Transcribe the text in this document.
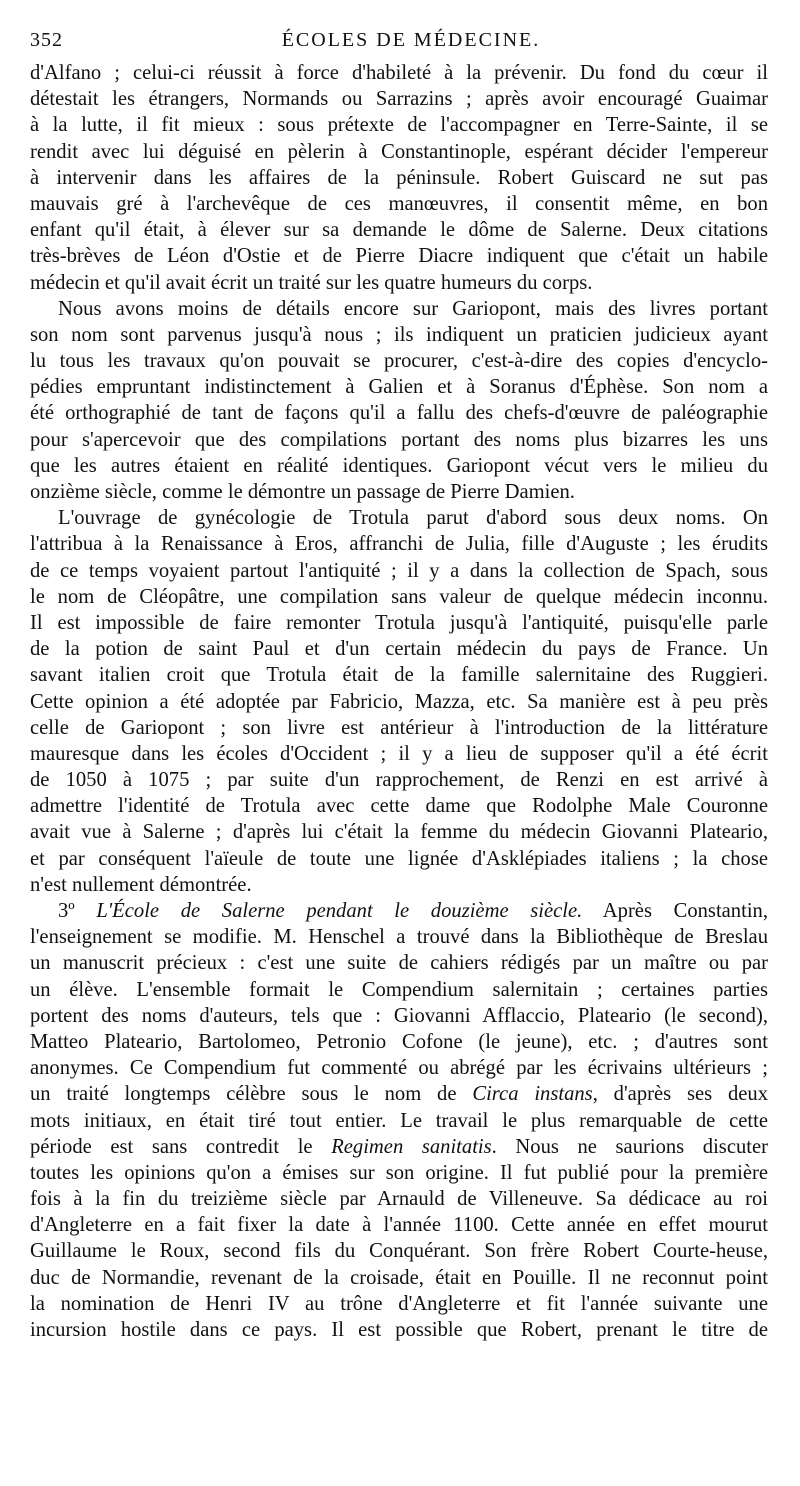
352	ÉCOLES DE MÉDECINE.
d'Alfano ; celui-ci réussit à force d'habileté à la prévenir. Du fond du cœur il
détestait les étrangers, Normands ou Sarrazins ; après avoir encouragé Guaimar
à la lutte, il fit mieux : sous prétexte de l'accompagner en Terre-Sainte, il se
rendit avec lui déguisé en pèlerin à Constantinople, espérant décider l'empereur
à intervenir dans les affaires de la péninsule. Robert Guiscard ne sut pas
mauvais gré à l'archevêque de ces manœuvres, il consentit même, en bon
enfant qu'il était, à élever sur sa demande le dôme de Salerne. Deux citations
très-brèves de Léon d'Ostie et de Pierre Diacre indiquent que c'était un habile
médecin et qu'il avait écrit un traité sur les quatre humeurs du corps.
Nous avons moins de détails encore sur Gariopont, mais des livres portant
son nom sont parvenus jusqu'à nous ; ils indiquent un praticien judicieux ayant
lu tous les travaux qu'on pouvait se procurer, c'est-à-dire des copies d'encyclo-
pédies empruntant indistinctement à Galien et à Soranus d'Éphèse. Son nom a
été orthographié de tant de façons qu'il a fallu des chefs-d'œuvre de paléographie
pour s'apercevoir que des compilations portant des noms plus bizarres les uns
que les autres étaient en réalité identiques. Gariopont vécut vers le milieu du
onzième siècle, comme le démontre un passage de Pierre Damien.
L'ouvrage de gynécologie de Trotula parut d'abord sous deux noms. On
l'attribua à la Renaissance à Eros, affranchi de Julia, fille d'Auguste ; les érudits
de ce temps voyaient partout l'antiquité ; il y a dans la collection de Spach, sous
le nom de Cléopâtre, une compilation sans valeur de quelque médecin inconnu.
Il est impossible de faire remonter Trotula jusqu'à l'antiquité, puisqu'elle parle
de la potion de saint Paul et d'un certain médecin du pays de France. Un
savant italien croit que Trotula était de la famille salernitaine des Ruggieri.
Cette opinion a été adoptée par Fabricio, Mazza, etc. Sa manière est à peu près
celle de Gariopont ; son livre est antérieur à l'introduction de la littérature
mauresque dans les écoles d'Occident ; il y a lieu de supposer qu'il a été écrit
de 1050 à 1075 ; par suite d'un rapprochement, de Renzi en est arrivé à
admettre l'identité de Trotula avec cette dame que Rodolphe Male Couronne
avait vue à Salerne ; d'après lui c'était la femme du médecin Giovanni Plateario,
et par conséquent l'aïeule de toute une lignée d'Asklépiades italiens ; la chose
n'est nullement démontrée.
3º L'École de Salerne pendant le douzième siècle. Après Constantin,
l'enseignement se modifie. M. Henschel a trouvé dans la Bibliothèque de Breslau
un manuscrit précieux : c'est une suite de cahiers rédigés par un maître ou par
un élève. L'ensemble formait le Compendium salernitain ; certaines parties
portent des noms d'auteurs, tels que : Giovanni Afflaccio, Plateario (le second),
Matteo Plateario, Bartolomeo, Petronio Cofone (le jeune), etc. ; d'autres sont
anonymes. Ce Compendium fut commenté ou abrégé par les écrivains ultérieurs ;
un traité longtemps célèbre sous le nom de Circa instans, d'après ses deux
mots initiaux, en était tiré tout entier. Le travail le plus remarquable de cette
période est sans contredit le Regimen sanitatis. Nous ne saurions discuter
toutes les opinions qu'on a émises sur son origine. Il fut publié pour la première
fois à la fin du treizième siècle par Arnauld de Villeneuve. Sa dédicace au roi
d'Angleterre en a fait fixer la date à l'année 1100. Cette année en effet mourut
Guillaume le Roux, second fils du Conquérant. Son frère Robert Courte-heuse,
duc de Normandie, revenant de la croisade, était en Pouille. Il ne reconnut point
la nomination de Henri IV au trône d'Angleterre et fit l'année suivante une
incursion hostile dans ce pays. Il est possible que Robert, prenant le titre de
